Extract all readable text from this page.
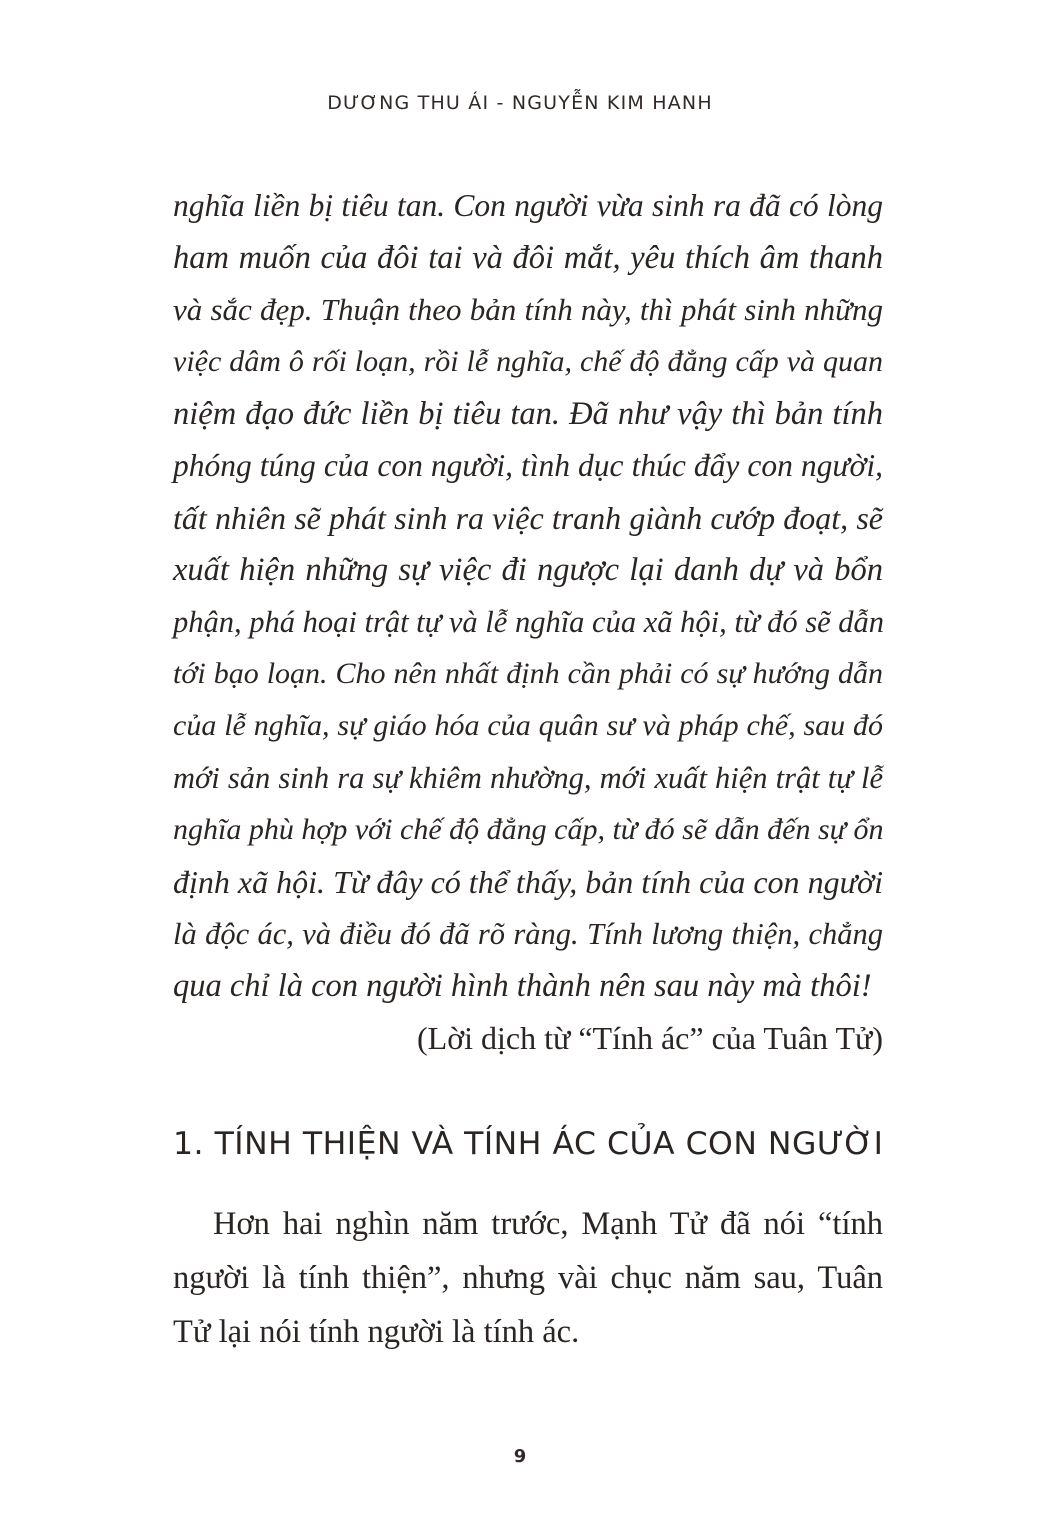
DƯƠNG THU ÁI - NGUYỄN KIM HANH
nghĩa liền bị tiêu tan. Con người vừa sinh ra đã có lòng
ham muốn của đôi tai và đôi mắt, yêu thích âm thanh
và sắc đẹp. Thuận theo bản tính này, thì phát sinh những
việc dâm ô rối loạn, rồi lễ nghĩa, chế độ đẳng cấp và quan
niệm đạo đức liền bị tiêu tan. Đã như vậy thì bản tính
phóng túng của con người, tình dục thúc đẩy con người,
tất nhiên sẽ phát sinh ra việc tranh giành cướp đoạt, sẽ
xuất hiện những sự việc đi ngược lại danh dự và bổn
phận, phá hoại trật tự và lễ nghĩa của xã hội, từ đó sẽ dẫn
tới bạo loạn. Cho nên nhất định cần phải có sự hướng dẫn
của lễ nghĩa, sự giáo hóa của quân sư và pháp chế, sau đó
mới sản sinh ra sự khiêm nhường, mới xuất hiện trật tự lễ
nghĩa phù hợp với chế độ đẳng cấp, từ đó sẽ dẫn đến sự ổn
định xã hội. Từ đây có thể thấy, bản tính của con người
là độc ác, và điều đó đã rõ ràng. Tính lương thiện, chẳng
qua chỉ là con người hình thành nên sau này mà thôi!
(Lời dịch từ “Tính ác” của Tuân Tử)
1. TÍNH THIỆN VÀ TÍNH ÁC CỦA CON NGƯỜI
Hơn hai nghìn năm trước, Mạnh Tử đã nói “tính
người là tính thiện”, nhưng vài chục năm sau, Tuân
Tử lại nói tính người là tính ác.
9
